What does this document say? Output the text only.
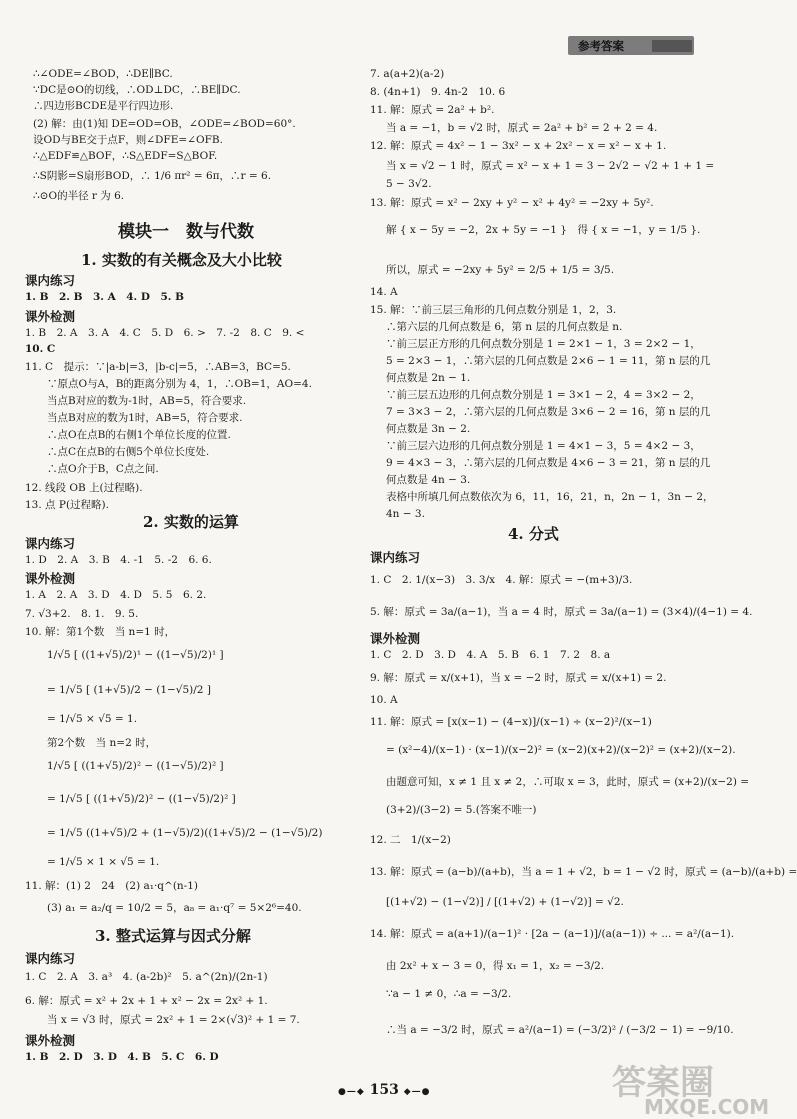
参考答案
∴∠ODE=∠BOD，∴DE∥BC.
∵DC是⊙O的切线，∴OD⊥DC，∴BE∥DC.
∴四边形BCDE是平行四边形.
(2) 解：由(1)知 DE=OD=OB，∠ODE=∠BOD=60°.
设OD与BE交于点F，则∠DFE=∠OFB.
∴△EDF≌△BOF，∴S△EDF=S△BOF.
∴S阴影=S扇形BOD，∴ 1/6 πr² = 6π，∴r = 6.
∴⊙O的半径 r 为 6.
模块一　数与代数
1. 实数的有关概念及大小比较
课内练习
1. B　2. B　3. A　4. D　5. B
课外检测
1. B　2. A　3. A　4. C　5. D　6. >　7. -2　8. C　9. <
10. C
11. C　提示：∵|a-b|=3，|b-c|=5，∴AB=3，BC=5.
∵原点O与A，B的距离分别为 4，1，∴OB=1，AO=4.
当点B对应的数为-1时，AB=5，符合要求.
当点B对应的数为1时，AB=5，符合要求.
∴点O在点B的右侧1个单位长度的位置.
∴点C在点B的右侧5个单位长度处.
∴点O介于B，C点之间.
12. 线段 OB 上(过程略).
13. 点 P(过程略).
2. 实数的运算
课内练习
1. D　2. A　3. B　4. -1　5. -2　6. 6.
课外检测
1. A　2. A　3. D　4. D　5. 5　6. 2.
7. √3+2.　8. 1.　9. 5.
10. 解：第1个数　当 n=1 时，
1/√5 [ ((1+√5)/2)¹ − ((1−√5)/2)¹ ]
= 1/√5 [ (1+√5)/2 − (1−√5)/2 ]
= 1/√5 × √5 = 1.
第2个数　当 n=2 时，
1/√5 [ ((1+√5)/2)² − ((1−√5)/2)² ]
= 1/√5 [ ((1+√5)/2)² − ((1−√5)/2)² ]
= 1/√5 ((1+√5)/2 + (1−√5)/2)((1+√5)/2 − (1−√5)/2)
= 1/√5 × 1 × √5 = 1.
11. 解：(1) 2　24　(2) a₁·q^(n-1)
(3) a₁ = a₂/q = 10/2 = 5，a₈ = a₁·q⁷ = 5×2⁶=40.
3. 整式运算与因式分解
课内练习
1. C　2. A　3. a³　4. (a-2b)²　5. a^(2n)/(2n-1)
6. 解：原式 = x² + 2x + 1 + x² − 2x = 2x² + 1.
当 x = √3 时，原式 = 2x² + 1 = 2×(√3)² + 1 = 7.
课外检测
1. B　2. D　3. D　4. B　5. C　6. D
7. a(a+2)(a-2)
8. (4n+1)　9. 4n-2　10. 6
11. 解：原式 = 2a² + b².
当 a = −1，b = √2 时，原式 = 2a² + b² = 2 + 2 = 4.
12. 解：原式 = 4x² − 1 − 3x² − x + 2x² − x = x² − x + 1.
当 x = √2 − 1 时，原式 = x² − x + 1 = 3 − 2√2 − √2 + 1 + 1 =
5 − 3√2.
13. 解：原式 = x² − 2xy + y² − x² + 4y² = −2xy + 5y².
解 { x − 5y = −2，2x + 5y = −1 }　得 { x = −1，y = 1/5 }.
所以，原式 = −2xy + 5y² = 2/5 + 1/5 = 3/5.
14. A
15. 解：∵前三层三角形的几何点数分别是 1，2，3.
∴第六层的几何点数是 6，第 n 层的几何点数是 n.
∵前三层正方形的几何点数分别是 1 = 2×1 − 1，3 = 2×2 − 1，
5 = 2×3 − 1，∴第六层的几何点数是 2×6 − 1 = 11，第 n 层的几
何点数是 2n − 1.
∵前三层五边形的几何点数分别是 1 = 3×1 − 2，4 = 3×2 − 2，
7 = 3×3 − 2，∴第六层的几何点数是 3×6 − 2 = 16，第 n 层的几
何点数是 3n − 2.
∵前三层六边形的几何点数分别是 1 = 4×1 − 3，5 = 4×2 − 3，
9 = 4×3 − 3，∴第六层的几何点数是 4×6 − 3 = 21，第 n 层的几
何点数是 4n − 3.
表格中所填几何点数依次为 6，11，16，21，n，2n − 1，3n − 2，
4n − 3.
4. 分式
课内练习
1. C　2. 1/(x−3)　3. 3/x　4. 解：原式 = −(m+3)/3.
5. 解：原式 = 3a/(a−1)，当 a = 4 时，原式 = 3a/(a−1) = (3×4)/(4−1) = 4.
课外检测
1. C　2. D　3. D　4. A　5. B　6. 1　7. 2　8. a
9. 解：原式 = x/(x+1)，当 x = −2 时，原式 = x/(x+1) = 2.
10. A
11. 解：原式 = [x(x−1) − (4−x)]/(x−1) ÷ (x−2)²/(x−1)
= (x²−4)/(x−1) · (x−1)/(x−2)² = (x−2)(x+2)/(x−2)² = (x+2)/(x−2).
由题意可知，x ≠ 1 且 x ≠ 2，∴可取 x = 3，此时，原式 = (x+2)/(x−2) =
(3+2)/(3−2) = 5.(答案不唯一)
12. 二　1/(x−2)
13. 解：原式 = (a−b)/(a+b)，当 a = 1 + √2，b = 1 − √2 时，原式 = (a−b)/(a+b) =
[(1+√2) − (1−√2)] / [(1+√2) + (1−√2)] = √2.
14. 解：原式 = a(a+1)/(a−1)² · [2a − (a−1)]/(a(a−1)) ÷ ... = a²/(a−1).
由 2x² + x − 3 = 0，得 x₁ = 1，x₂ = −3/2.
∵a − 1 ≠ 0，∴a = −3/2.
∴当 a = −3/2 时，原式 = a²/(a−1) = (−3/2)² / (−3/2 − 1) = −9/10.
●—◆ 153 ◆—●	答案圈
MXQE.COM
